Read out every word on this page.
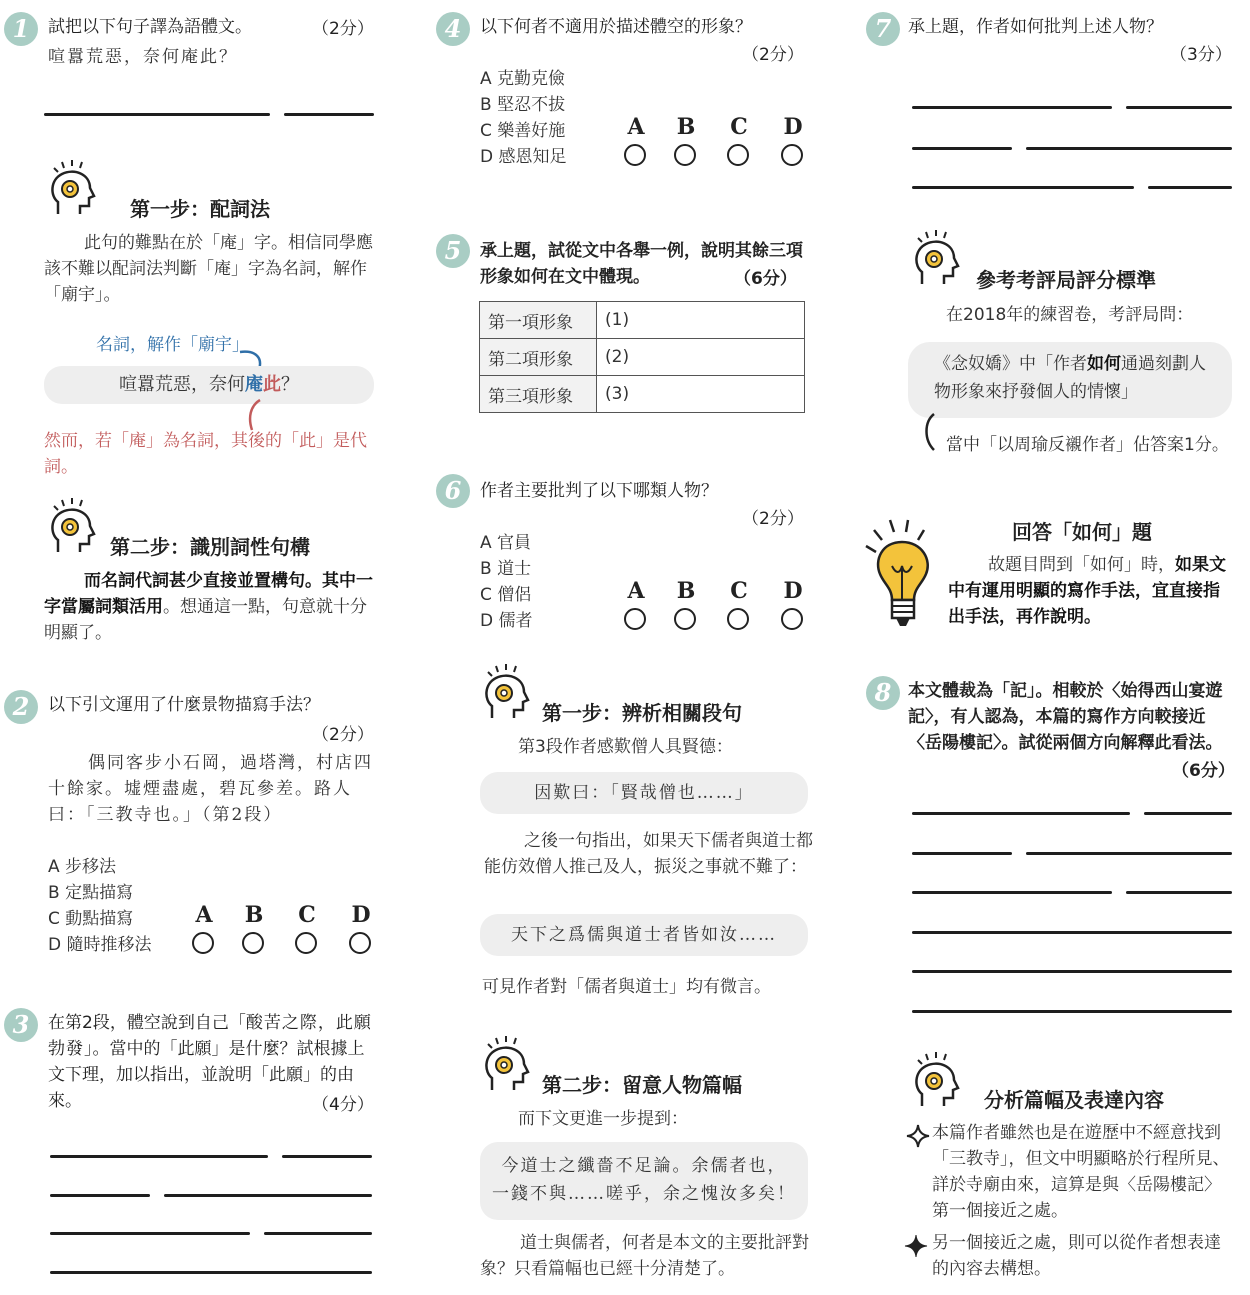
1	試把以下句子譯為語體文。	（2分）
喧囂荒惡，奈何庵此？
第一步：配詞法
此句的難點在於「庵」字。相信同學應該不難以配詞法判斷「庵」字為名詞，解作「廟宇」。
名詞，解作「廟宇」
喧囂荒惡，奈何庵此？
然而，若「庵」為名詞，其後的「此」是代詞。
第二步：識別詞性句構
而名詞代詞甚少直接並置構句。其中一字當屬詞類活用。想通這一點，句意就十分明顯了。
2	以下引文運用了什麼景物描寫手法？
（2分）
偶同客步小石岡，過塔灣，村店四十餘家。墟煙盡處，碧瓦參差。路人曰：「三教寺也。」（第2段）
A 步移法
B 定點描寫
C 動點描寫
D 隨時推移法
A B C D
3	在第2段，體空說到自己「酸苦之際，此願勃發」。當中的「此願」是什麼？試根據上文下理，加以指出，並說明「此願」的由來。	（4分）
4	以下何者不適用於描述體空的形象？
（2分）
A 克勤克儉
B 堅忍不拔
C 樂善好施
D 感恩知足
A B C D
5	承上題，試從文中各舉一例，說明其餘三項形象如何在文中體現。	（6分）
第一項形象	(1)
第二項形象	(2)
第三項形象	(3)
6	作者主要批判了以下哪類人物？
（2分）
A 官員
B 道士
C 僧侶
D 儒者
A B C D
第一步：辨析相關段句
第3段作者感歎僧人具賢德：
因歎曰：「賢哉僧也……」
之後一句指出，如果天下儒者與道士都能仿效僧人推己及人，振災之事就不難了：
天下之爲儒與道士者皆如汝……
可見作者對「儒者與道士」均有微言。
第二步：留意人物篇幅
而下文更進一步提到：
今道士之纖嗇不足論。余儒者也，
一錢不與……嗟乎，余之愧汝多矣！
道士與儒者，何者是本文的主要批評對象？只看篇幅也已經十分清楚了。
7 承上題，作者如何批判上述人物？
（3分）
參考考評局評分標準
在2018年的練習卷，考評局問：
《念奴嬌》中「作者如何通過刻劃人物形象來抒發個人的情懷」
當中「以周瑜反襯作者」佔答案1分。
回答「如何」題
故題目問到「如何」時，如果文中有運用明顯的寫作手法，宜直接指出手法，再作說明。
8 本文體裁為「記」。相較於〈始得西山宴遊記〉，有人認為，本篇的寫作方向較接近〈岳陽樓記〉。試從兩個方向解釋此看法。
（6分）
分析篇幅及表達內容
本篇作者雖然也是在遊歷中不經意找到「三教寺」，但文中明顯略於行程所見、詳於寺廟由來，這算是與〈岳陽樓記〉第一個接近之處。
另一個接近之處，則可以從作者想表達的內容去構想。
